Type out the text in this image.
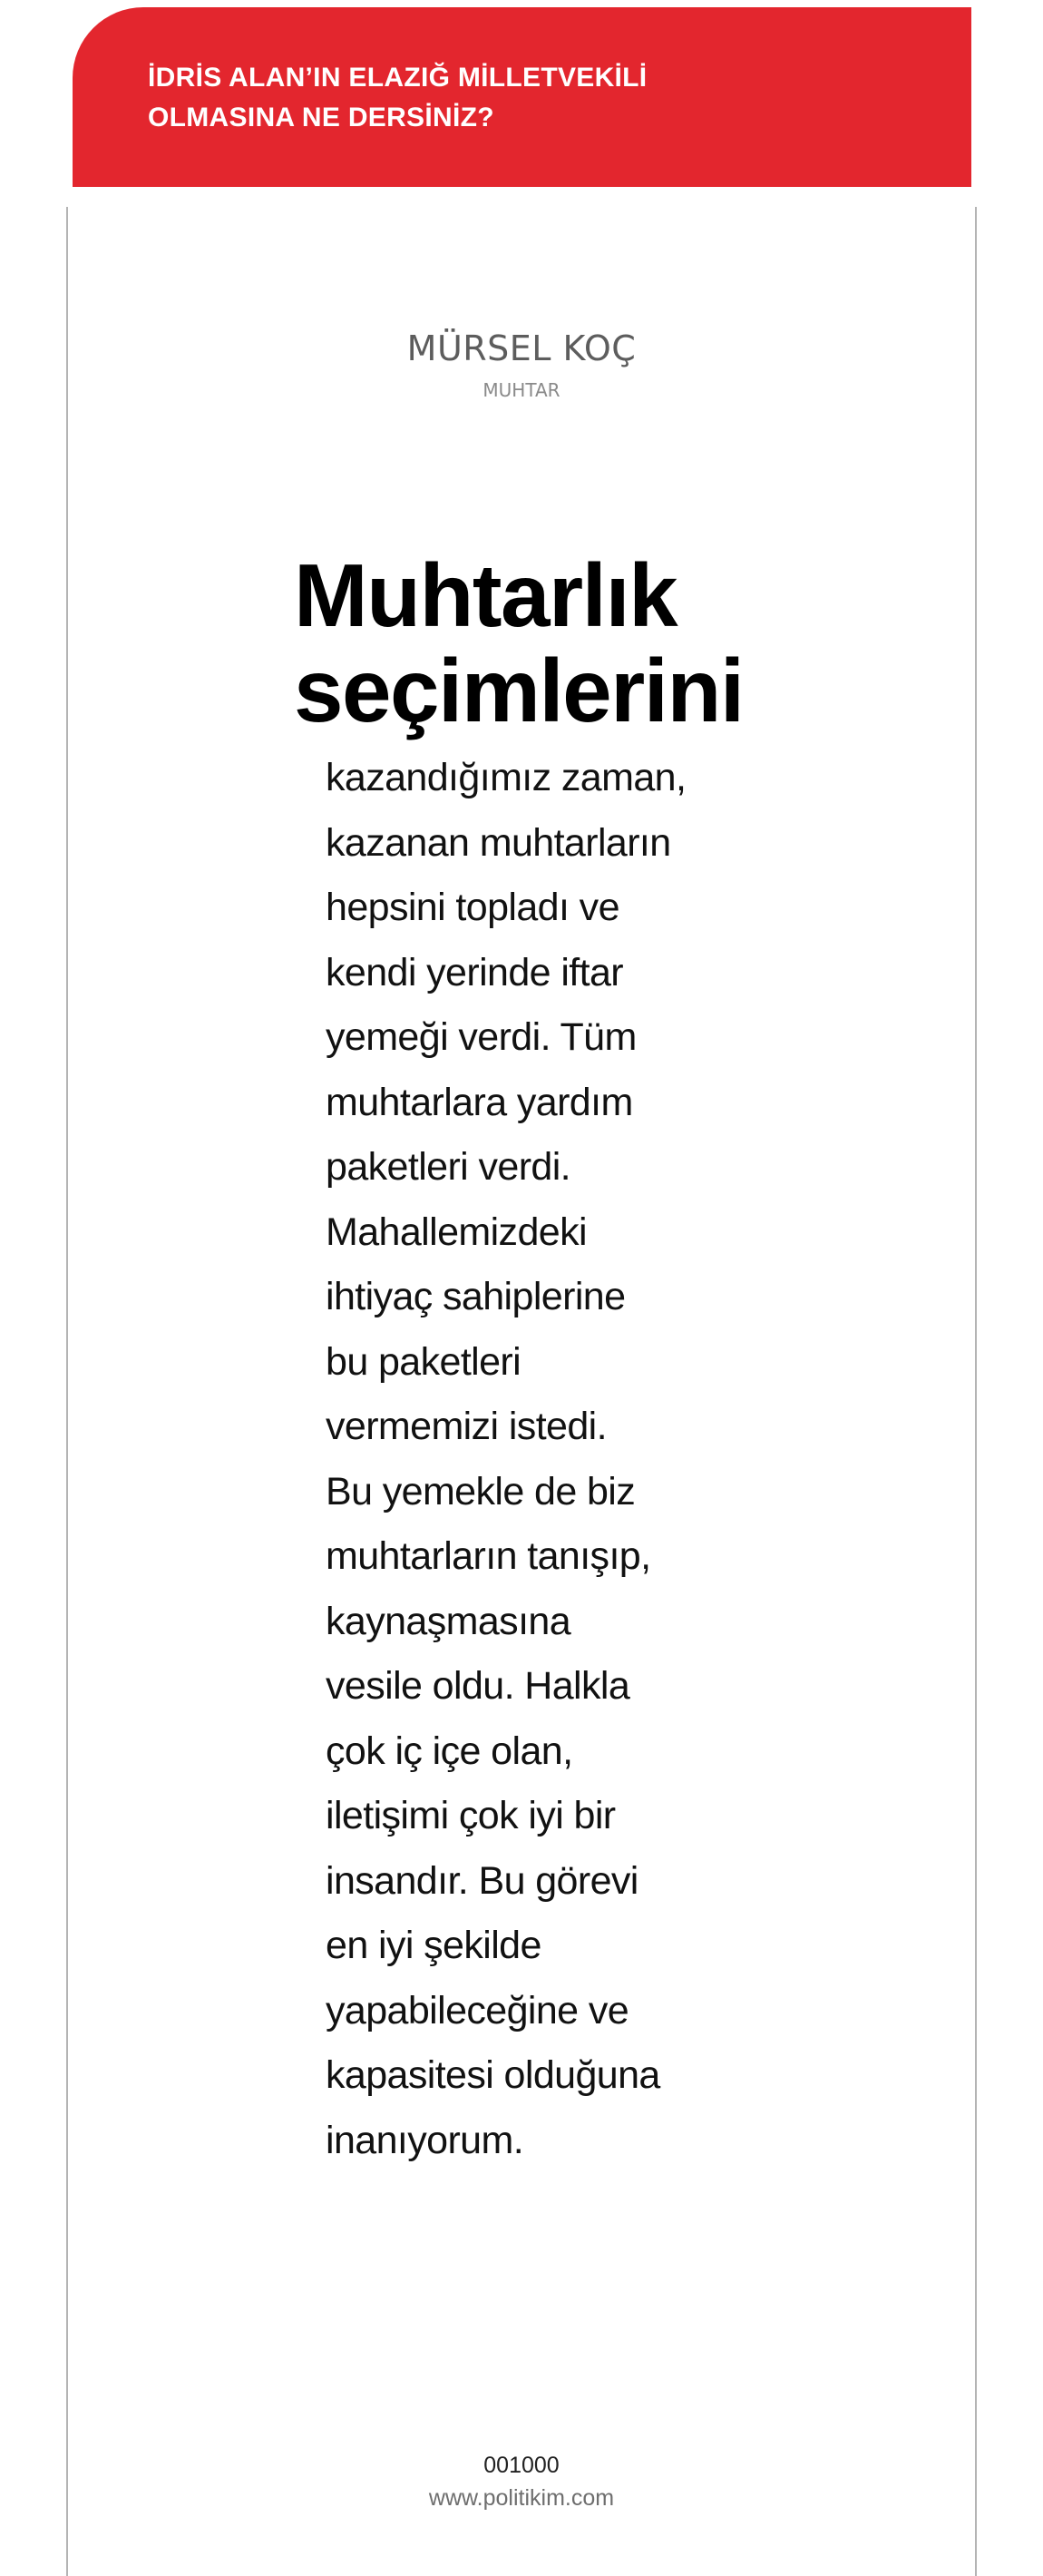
İDRİS ALAN’IN ELAZIĞ MİLLETVEKİLİ
OLMASINA NE DERSİNİZ?
MÜRSEL KOÇ
MUHTAR
Muhtarlık
seçimlerini

kazandığımız zaman,
kazanan muhtarların
hepsini topladı ve
kendi yerinde iftar
yemeği verdi. Tüm
muhtarlara yardım
paketleri verdi.
Mahallemizdeki
ihtiyaç sahiplerine
bu paketleri
vermemizi istedi.
Bu yemekle de biz
muhtarların tanışıp,
kaynaşmasına
vesile oldu. Halkla
çok iç içe olan,
iletişimi çok iyi bir
insandır. Bu görevi
en iyi şekilde
yapabileceğine ve
kapasitesi olduğuna
inanıyorum.

001000
www.politikim.com
